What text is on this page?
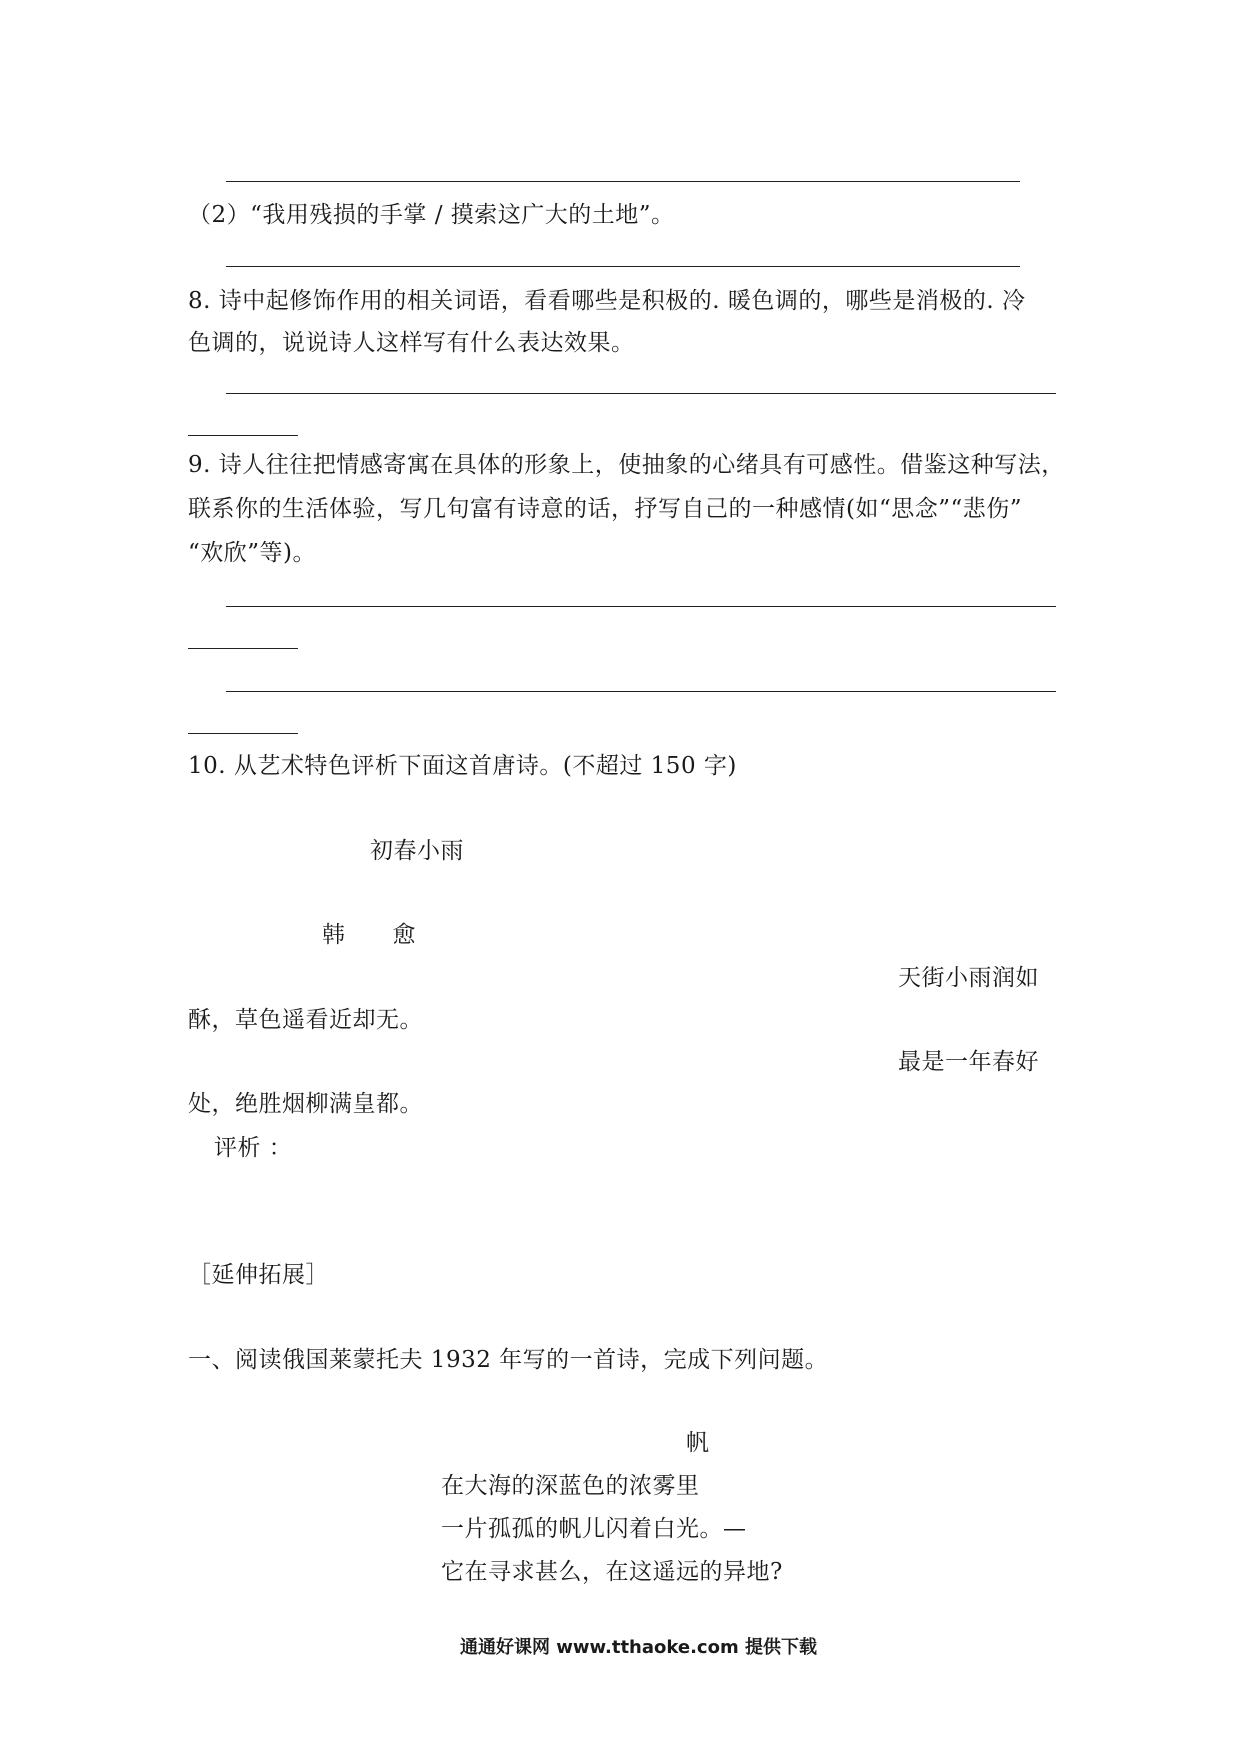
（2）“我用残损的手掌 / 摸索这广大的土地”。
8. 诗中起修饰作用的相关词语，看看哪些是积极的. 暖色调的，哪些是消极的. 冷
色调的，说说诗人这样写有什么表达效果。
9. 诗人往往把情感寄寓在具体的形象上，使抽象的心绪具有可感性。借鉴这种写法，
联系你的生活体验，写几句富有诗意的话，抒写自己的一种感情(如“思念”“悲伤”
“欢欣”等)。
10. 从艺术特色评析下面这首唐诗。(不超过 150 字)
初春小雨
韩　　愈
天街小雨润如
酥，草色遥看近却无。
最是一年春好
处，绝胜烟柳满皇都。
评析 ：
［延伸拓展］
一、阅读俄国莱蒙托夫 1932 年写的一首诗，完成下列问题。
帆
在大海的深蓝色的浓雾里
一片孤孤的帆儿闪着白光。—
它在寻求甚么，在这遥远的异地?
通通好课网 www.tthaoke.com 提供下载
